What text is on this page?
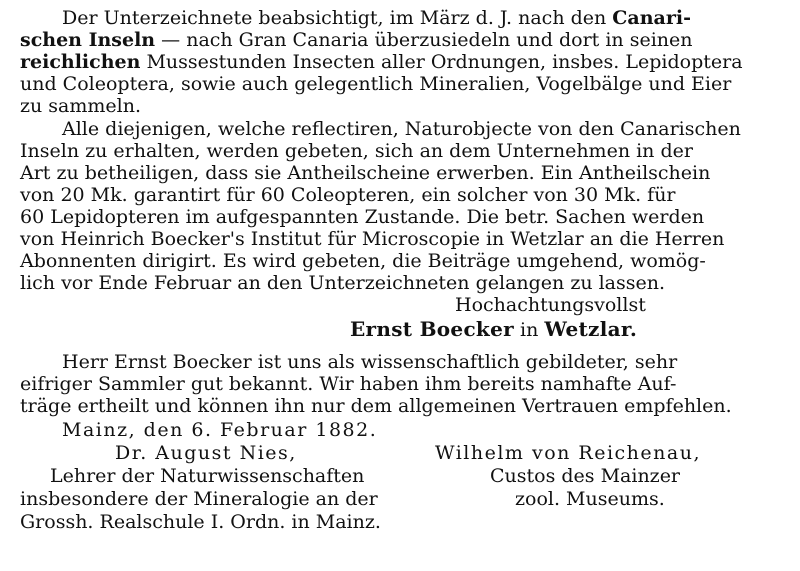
Der Unterzeichnete beabsichtigt, im März d. J. nach den Canari-
schen Inseln — nach Gran Canaria überzusiedeln und dort in seinen
reichlichen Mussestunden Insecten aller Ordnungen, insbes. Lepidoptera
und Coleoptera, sowie auch gelegentlich Mineralien, Vogelbälge und Eier
zu sammeln.
Alle diejenigen, welche reflectiren, Naturobjecte von den Canarischen
Inseln zu erhalten, werden gebeten, sich an dem Unternehmen in der
Art zu betheiligen, dass sie Antheilscheine erwerben. Ein Antheilschein
von 20 Mk. garantirt für 60 Coleopteren, ein solcher von 30 Mk. für
60 Lepidopteren im aufgespannten Zustande. Die betr. Sachen werden
von Heinrich Boecker's Institut für Microscopie in Wetzlar an die Herren
Abonnenten dirigirt. Es wird gebeten, die Beiträge umgehend, womög-
lich vor Ende Februar an den Unterzeichneten gelangen zu lassen.
Hochachtungsvollst
Ernst Boecker in Wetzlar.
Herr Ernst Boecker ist uns als wissenschaftlich gebildeter, sehr
eifriger Sammler gut bekannt. Wir haben ihm bereits namhafte Auf-
träge ertheilt und können ihn nur dem allgemeinen Vertrauen empfehlen.
Mainz, den 6. Februar 1882.
Dr. August Nies,
Lehrer der Naturwissenschaften
insbesondere der Mineralogie an der
Grossh. Realschule I. Ordn. in Mainz.
Wilhelm von Reichenau,
Custos des Mainzer
zool. Museums.
